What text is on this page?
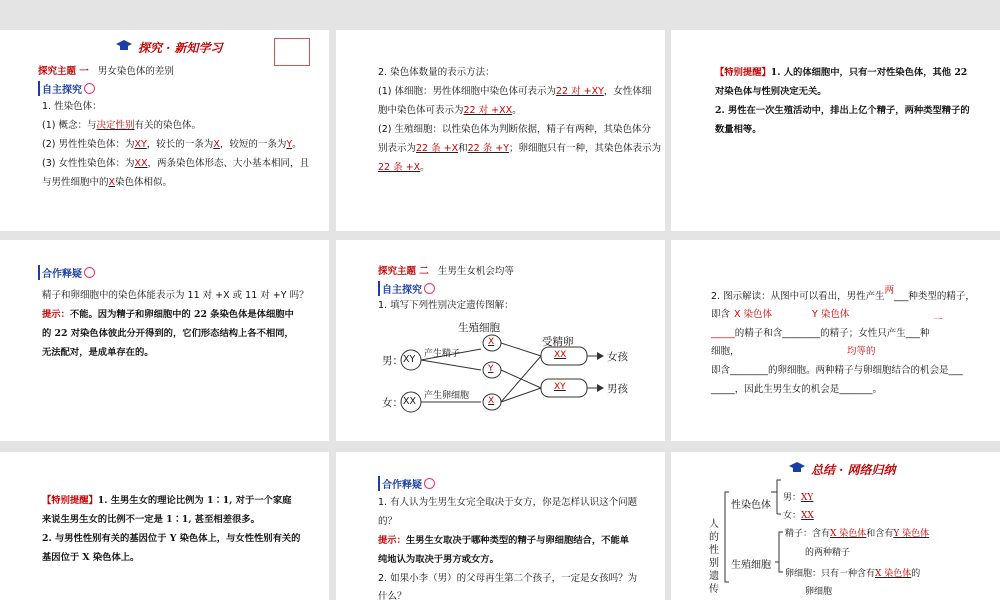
探究 · 新知学习
探究主题 一 男女染色体的差别
自主探究
1. 性染色体：
(1) 概念：与决定性别有关的染色体。
(2) 男性性染色体：为XY，较长的一条为X，较短的一条为Y。
(3) 女性性染色体：为XX，两条染色体形态、大小基本相同，且
与男性细胞中的X染色体相似。
2. 染色体数量的表示方法：
(1) 体细胞：男性体细胞中染色体可表示为22 对 +XY，女性体细
胞中染色体可表示为22 对 +XX。
(2) 生殖细胞：以性染色体为判断依据，精子有两种，其染色体分
别表示为22 条 +X和22 条 +Y；卵细胞只有一种，其染色体表示为
22 条 +X。
【特别提醒】1. 人的体细胞中，只有一对性染色体，其他 22
对染色体与性别决定无关。
2. 男性在一次生殖活动中，排出上亿个精子，两种类型精子的
数量相等。
合作释疑
精子和卵细胞中的染色体能表示为 11 对 +X 或 11 对 +Y 吗？
提示：不能。因为精子和卵细胞中的 22 条染色体是体细胞中
的 22 对染色体彼此分开得到的，它们形态结构上各不相同，
无法配对，是成单存在的。
探究主题 二 生男生女机会均等
自主探究
1. 填写下列性别决定遗传图解：
生殖细胞
受精卵
男： XY
女： XX
产生精子
产生卵细胞
X
Y
X
XX
XY
女孩
男孩
2. 图示解读：从图中可以看出，男性产生两___种类型的精子，
即含 X 染色体	Y 染色体
_____的精子和含________的精子；女性只产生___种
一
细胞，	均等的
即含________的卵细胞。两种精子与卵细胞结合的机会是___
_____，因此生男生女的机会是_______。
【特别提醒】1. 生男生女的理论比例为 1∶1, 对于一个家庭
来说生男生女的比例不一定是 1∶1, 甚至相差很多。
2. 与男性性别有关的基因位于 Y 染色体上，与女性性别有关的
基因位于 X 染色体上。
合作释疑
1. 有人认为生男生女完全取决于女方，你是怎样认识这个问题
的？
提示：生男生女取决于哪种类型的精子与卵细胞结合，不能单
纯地认为取决于男方或女方。
2. 如果小李（男）的父母再生第二个孩子，一定是女孩吗？为
什么？
总结 · 网络归纳
人的性别遗传
性染色体
男：XY
女：XX
生殖细胞
精子：含有X 染色体和含有Y 染色体
的两种精子
卵细胞：只有一种含有X 染色体的
卵细胞
